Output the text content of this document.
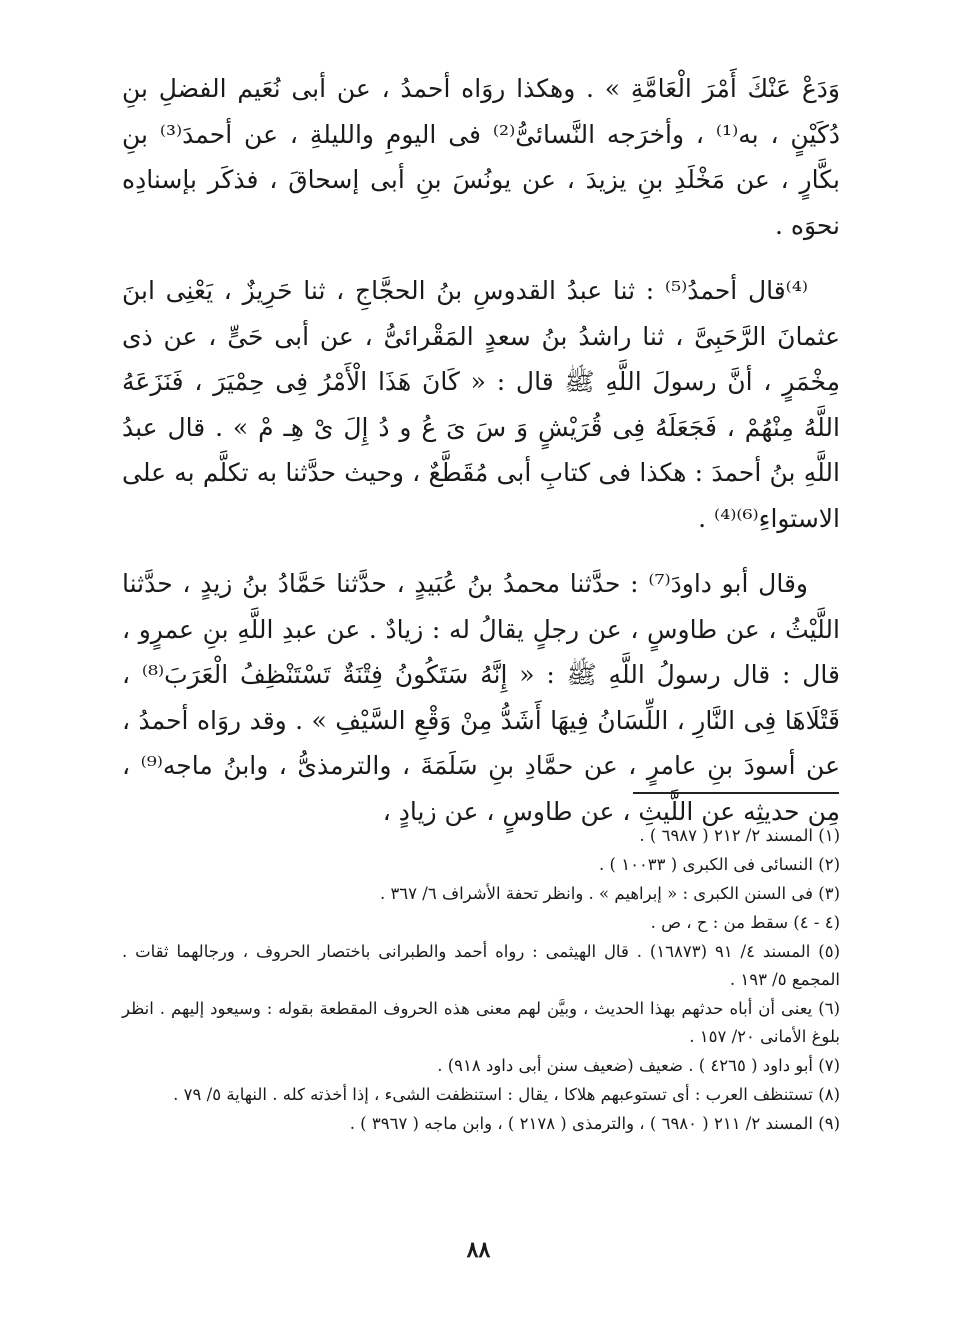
وَدَعْ عَنْكَ أَمْرَ الْعَامَّةِ » . وهكذا روَاه أحمدُ ، عن أبى نُعَيم الفضلِ بنِ دُكَيْنٍ ، به⁽¹⁾ ، وأخرَجه النَّسائىُّ⁽²⁾ فى اليومِ والليلةِ ، عن أحمدَ⁽³⁾ بنِ بكَّارٍ ، عن مَخْلَدِ بنِ يزيدَ ، عن يونُسَ بنِ أبى إسحاقَ ، فذكَر بإسنادِه نحوَه .

⁽⁴⁾قال أحمدُ⁽⁵⁾ : ثنا عبدُ القدوسِ بنُ الحجَّاجِ ، ثنا حَرِيزٌ ، يَعْنِى ابنَ عثمانَ الرَّحَبِىَّ ، ثنا راشدُ بنُ سعدٍ المَقْرائىُّ ، عن أبى حَىٍّ ، عن ذى مِخْمَرٍ ، أنَّ رسولَ اللَّهِ ﷺ قال : « كَانَ هَذَا الْأَمْرُ فِى حِمْيَرَ ، فَنَزَعَهُ اللَّهُ مِنْهُمْ ، فَجَعَلَهُ فِى قُرَيْشٍ وَ سَ ىَ عُ و دُ إِلَ ىْ هِـ مْ » . قال عبدُ اللَّهِ بنُ أحمدَ : هكذا فى كتابِ أبى مُقَطَّعٌ ، وحيث حدَّثنا به تكلَّم به على الاستواءِ⁽⁶⁾⁽⁴⁾ .

وقال أبو داودَ⁽⁷⁾ : حدَّثنا محمدُ بنُ عُبَيدٍ ، حدَّثنا حَمَّادُ بنُ زيدٍ ، حدَّثنا اللَّيْثُ ، عن طاوسٍ ، عن رجلٍ يقالُ له : زيادٌ . عن عبدِ اللَّهِ بنِ عمرٍو ، قال : قال رسولُ اللَّهِ ﷺ : « إِنَّهُ سَتَكُونُ فِتْنَةٌ تَسْتَنْظِفُ الْعَرَبَ⁽⁸⁾ ، قَتْلَاهَا فِى النَّارِ ، اللِّسَانُ فِيهَا أَشَدُّ مِنْ وَقْعِ السَّيْفِ » . وقد روَاه أحمدُ ، عن أسودَ بنِ عامرٍ ، عن حمَّادِ بنِ سَلَمَةَ ، والترمذىُّ ، وابنُ ماجه⁽⁹⁾ ، مِن حديثِه عن اللَّيثِ ، عن طاوسٍ ، عن زيادٍ ،

(١) المسند ٢/ ٢١٢ ( ٦٩٨٧ ) .
(٢) النسائى فى الكبرى ( ١٠٠٣٣ ) .
(٣) فى السنن الكبرى : « إبراهيم » . وانظر تحفة الأشراف ٦/ ٣٦٧ .
(٤ - ٤) سقط من : ح ، ص .
(٥) المسند ٤/ ٩١ (١٦٨٧٣) . قال الهيثمى : رواه أحمد والطبرانى باختصار الحروف ، ورجالهما ثقات . المجمع ٥/ ١٩٣ .
(٦) يعنى أن أباه حدثهم بهذا الحديث ، وبيَّن لهم معنى هذه الحروف المقطعة بقوله : وسيعود إليهم . انظر بلوغ الأمانى ٢٠/ ١٥٧ .
(٧) أبو داود ( ٤٢٦٥ ) . ضعيف (ضعيف سنن أبى داود ٩١٨) .
(٨) تستنظف العرب : أى تستوعبهم هلاكا ، يقال : استنظفت الشىء ، إذا أخذته كله . النهاية ٥/ ٧٩ .
(٩) المسند ٢/ ٢١١ ( ٦٩٨٠ ) ، والترمذى ( ٢١٧٨ ) ، وابن ماجه ( ٣٩٦٧ ) .
٨٨
